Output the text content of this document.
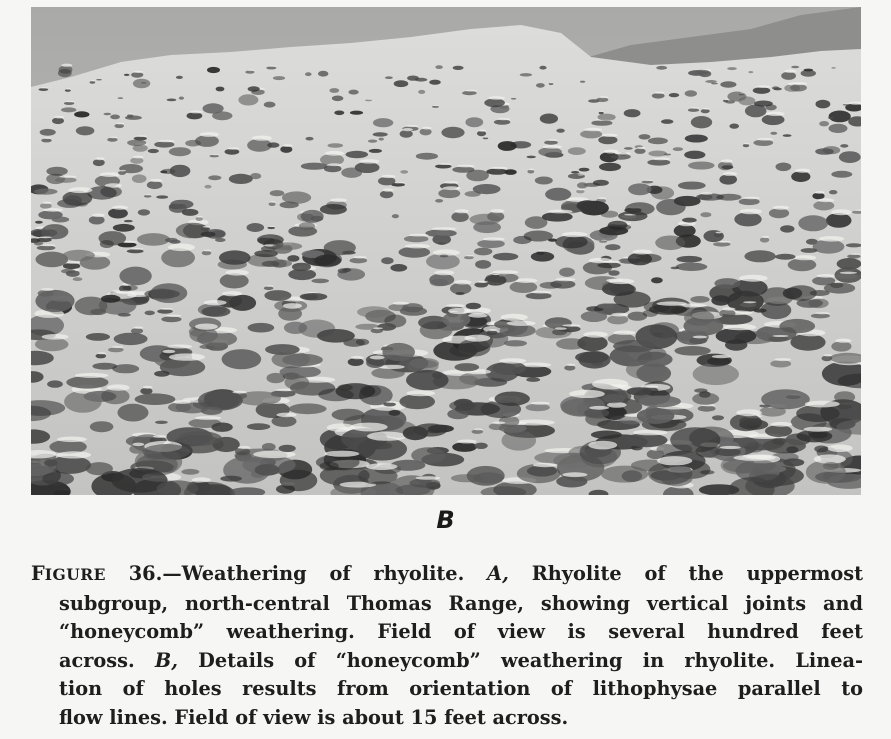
B
FIGURE 36.—Weathering of rhyolite. A, Rhyolite of the uppermost
subgroup, north-central Thomas Range, showing vertical joints and
“honeycomb” weathering. Field of view is several hundred feet
across. B, Details of “honeycomb” weathering in rhyolite. Linea-
tion of holes results from orientation of lithophysae parallel to
flow lines. Field of view is about 15 feet across.
